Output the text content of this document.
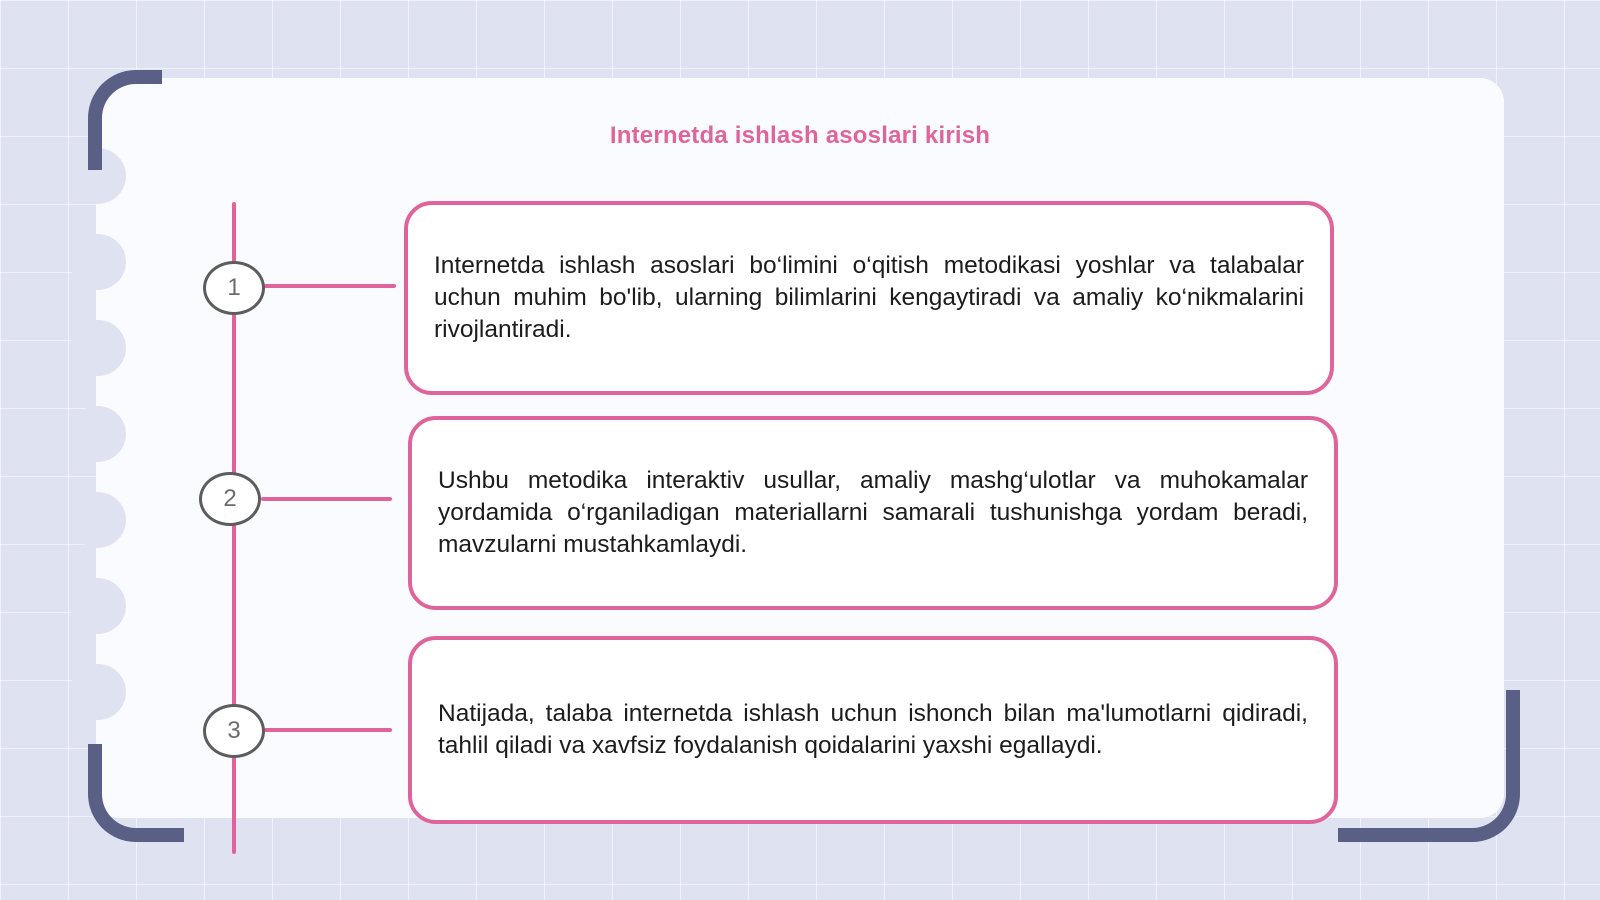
Internetda ishlash asoslari kirish
1

Internetda ishlash asoslari bo‘limini o‘qitish metodikasi yoshlar va talabalar uchun muhim bo'lib, ularning bilimlarini kengaytiradi va amaliy ko‘nikmalarini rivojlantiradi.

2

Ushbu metodika interaktiv usullar, amaliy mashg‘ulotlar va muhokamalar yordamida o‘rganiladigan materiallarni samarali tushunishga yordam beradi, mavzularni mustahkamlaydi.

3

Natijada, talaba internetda ishlash uchun ishonch bilan ma'lumotlarni qidiradi, tahlil qiladi va xavfsiz foydalanish qoidalarini yaxshi egallaydi.
